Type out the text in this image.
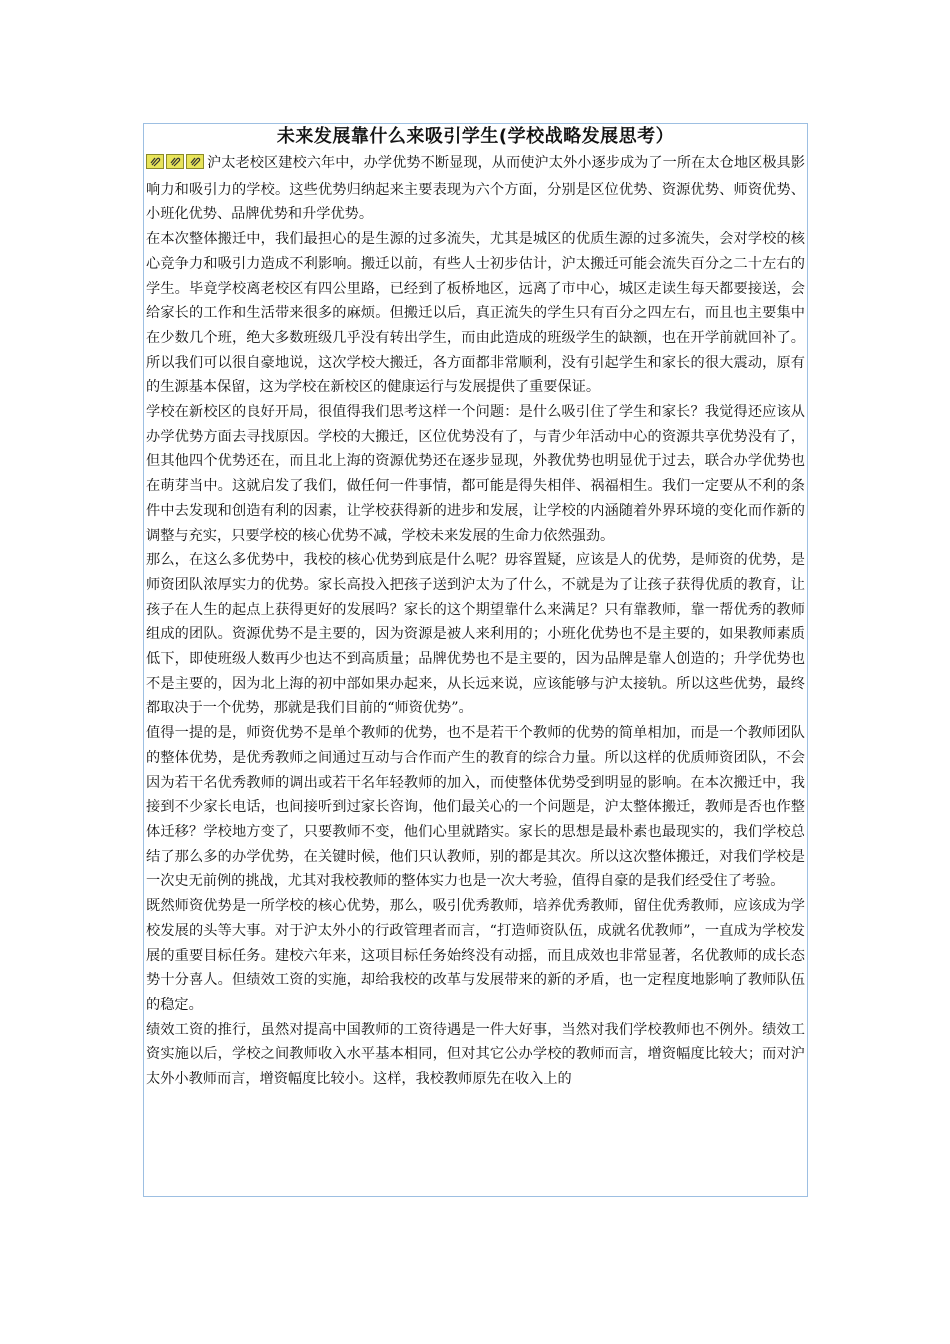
未来发展靠什么来吸引学生(学校战略发展思考）

沪太老校区建校六年中，办学优势不断显现，从而使沪太外小逐步成为了一所在太仓地区极具影响力和吸引力的学校。这些优势归纳起来主要表现为六个方面，分别是区位优势、资源优势、师资优势、小班化优势、品牌优势和升学优势。

在本次整体搬迁中，我们最担心的是生源的过多流失，尤其是城区的优质生源的过多流失，会对学校的核心竞争力和吸引力造成不利影响。搬迁以前，有些人士初步估计，沪太搬迁可能会流失百分之二十左右的学生。毕竟学校离老校区有四公里路，已经到了板桥地区，远离了市中心，城区走读生每天都要接送，会给家长的工作和生活带来很多的麻烦。但搬迁以后，真正流失的学生只有百分之四左右，而且也主要集中在少数几个班，绝大多数班级几乎没有转出学生，而由此造成的班级学生的缺额，也在开学前就回补了。所以我们可以很自豪地说，这次学校大搬迁，各方面都非常顺利，没有引起学生和家长的很大震动，原有的生源基本保留，这为学校在新校区的健康运行与发展提供了重要保证。

学校在新校区的良好开局，很值得我们思考这样一个问题：是什么吸引住了学生和家长？我觉得还应该从办学优势方面去寻找原因。学校的大搬迁，区位优势没有了，与青少年活动中心的资源共享优势没有了，但其他四个优势还在，而且北上海的资源优势还在逐步显现，外教优势也明显优于过去，联合办学优势也在萌芽当中。这就启发了我们，做任何一件事情，都可能是得失相伴、祸福相生。我们一定要从不利的条件中去发现和创造有利的因素，让学校获得新的进步和发展，让学校的内涵随着外界环境的变化而作新的调整与充实，只要学校的核心优势不减，学校未来发展的生命力依然强劲。

那么，在这么多优势中，我校的核心优势到底是什么呢？毋容置疑，应该是人的优势，是师资的优势，是师资团队浓厚实力的优势。家长高投入把孩子送到沪太为了什么，不就是为了让孩子获得优质的教育，让孩子在人生的起点上获得更好的发展吗？家长的这个期望靠什么来满足？只有靠教师，靠一帮优秀的教师组成的团队。资源优势不是主要的，因为资源是被人来利用的；小班化优势也不是主要的，如果教师素质低下，即使班级人数再少也达不到高质量；品牌优势也不是主要的，因为品牌是靠人创造的；升学优势也不是主要的，因为北上海的初中部如果办起来，从长远来说，应该能够与沪太接轨。所以这些优势，最终都取决于一个优势，那就是我们目前的“师资优势”。

值得一提的是，师资优势不是单个教师的优势，也不是若干个教师的优势的简单相加，而是一个教师团队的整体优势，是优秀教师之间通过互动与合作而产生的教育的综合力量。所以这样的优质师资团队，不会因为若干名优秀教师的调出或若干名年轻教师的加入，而使整体优势受到明显的影响。在本次搬迁中，我接到不少家长电话，也间接听到过家长咨询，他们最关心的一个问题是，沪太整体搬迁，教师是否也作整体迁移？学校地方变了，只要教师不变，他们心里就踏实。家长的思想是最朴素也最现实的，我们学校总结了那么多的办学优势，在关键时候，他们只认教师，别的都是其次。所以这次整体搬迁，对我们学校是一次史无前例的挑战，尤其对我校教师的整体实力也是一次大考验，值得自豪的是我们经受住了考验。

既然师资优势是一所学校的核心优势，那么，吸引优秀教师，培养优秀教师，留住优秀教师，应该成为学校发展的头等大事。对于沪太外小的行政管理者而言，“打造师资队伍，成就名优教师”，一直成为学校发展的重要目标任务。建校六年来，这项目标任务始终没有动摇，而且成效也非常显著，名优教师的成长态势十分喜人。但绩效工资的实施，却给我校的改革与发展带来的新的矛盾，也一定程度地影响了教师队伍的稳定。

绩效工资的推行，虽然对提高中国教师的工资待遇是一件大好事，当然对我们学校教师也不例外。绩效工资实施以后，学校之间教师收入水平基本相同，但对其它公办学校的教师而言，增资幅度比较大；而对沪太外小教师而言，增资幅度比较小。这样，我校教师原先在收入上的
